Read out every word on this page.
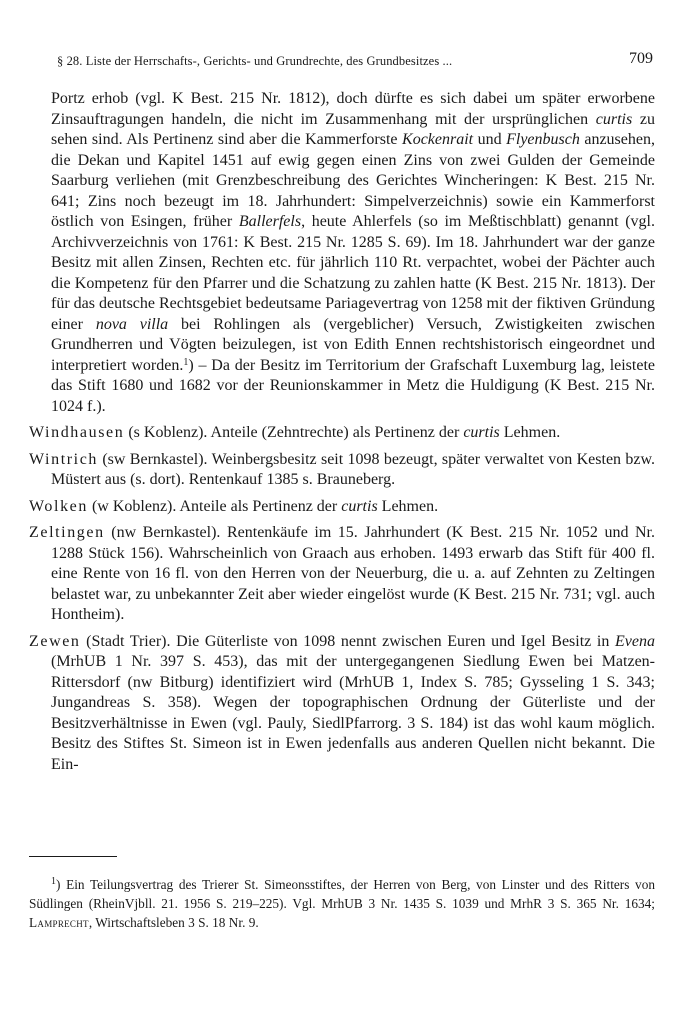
§ 28. Liste der Herrschafts-, Gerichts- und Grundrechte, des Grundbesitzes ...	709

Portz erhob (vgl. K Best. 215 Nr. 1812), doch dürfte es sich dabei um später erworbene Zinsauftragungen handeln, die nicht im Zusammenhang mit der ursprünglichen curtis zu sehen sind. Als Pertinenz sind aber die Kammerforste Kockenrait und Flyenbusch anzusehen, die Dekan und Kapitel 1451 auf ewig gegen einen Zins von zwei Gulden der Gemeinde Saarburg verliehen (mit Grenzbeschreibung des Gerichtes Wincheringen: K Best. 215 Nr. 641; Zins noch bezeugt im 18. Jahrhundert: Simpelverzeichnis) sowie ein Kammerforst östlich von Esingen, früher Ballerfels, heute Ahlerfels (so im Meßtischblatt) genannt (vgl. Archivverzeichnis von 1761: K Best. 215 Nr. 1285 S. 69). Im 18. Jahrhundert war der ganze Besitz mit allen Zinsen, Rechten etc. für jährlich 110 Rt. verpachtet, wobei der Pächter auch die Kompetenz für den Pfarrer und die Schatzung zu zahlen hatte (K Best. 215 Nr. 1813). Der für das deutsche Rechtsgebiet bedeutsame Pariagevertrag von 1258 mit der fiktiven Gründung einer nova villa bei Rohlingen als (vergeblicher) Versuch, Zwistigkeiten zwischen Grundherren und Vögten beizulegen, ist von Edith Ennen rechtshistorisch eingeordnet und interpretiert worden.$^1$) – Da der Besitz im Territorium der Grafschaft Luxemburg lag, leistete das Stift 1680 und 1682 vor der Reunionskammer in Metz die Huldigung (K Best. 215 Nr. 1024 f.).

Windhausen (s Koblenz). Anteile (Zehntrechte) als Pertinenz der curtis Lehmen.

Wintrich (sw Bernkastel). Weinbergsbesitz seit 1098 bezeugt, später verwaltet von Kesten bzw. Müstert aus (s. dort). Rentenkauf 1385 s. Brauneberg.

Wolken (w Koblenz). Anteile als Pertinenz der curtis Lehmen.

Zeltingen (nw Bernkastel). Rentenkäufe im 15. Jahrhundert (K Best. 215 Nr. 1052 und Nr. 1288 Stück 156). Wahrscheinlich von Graach aus erhoben. 1493 erwarb das Stift für 400 fl. eine Rente von 16 fl. von den Herren von der Neuerburg, die u. a. auf Zehnten zu Zeltingen belastet war, zu unbekannter Zeit aber wieder eingelöst wurde (K Best. 215 Nr. 731; vgl. auch Hontheim).

Zewen (Stadt Trier). Die Güterliste von 1098 nennt zwischen Euren und Igel Besitz in Evena (MrhUB 1 Nr. 397 S. 453), das mit der untergegangenen Siedlung Ewen bei Matzen-Rittersdorf (nw Bitburg) identifiziert wird (MrhUB 1, Index S. 785; Gysseling 1 S. 343; Jungandreas S. 358). Wegen der topographischen Ordnung der Güterliste und der Besitzverhältnisse in Ewen (vgl. Pauly, SiedlPfarrorg. 3 S. 184) ist das wohl kaum möglich. Besitz des Stiftes St. Simeon ist in Ewen jedenfalls aus anderen Quellen nicht bekannt. Die Ein-

$^1$) Ein Teilungsvertrag des Trierer St. Simeonsstiftes, der Herren von Berg, von Linster und des Ritters von Südlingen (RheinVjbll. 21. 1956 S. 219–225). Vgl. MrhUB 3 Nr. 1435 S. 1039 und MrhR 3 S. 365 Nr. 1634; Lamprecht, Wirtschaftsleben 3 S. 18 Nr. 9.
